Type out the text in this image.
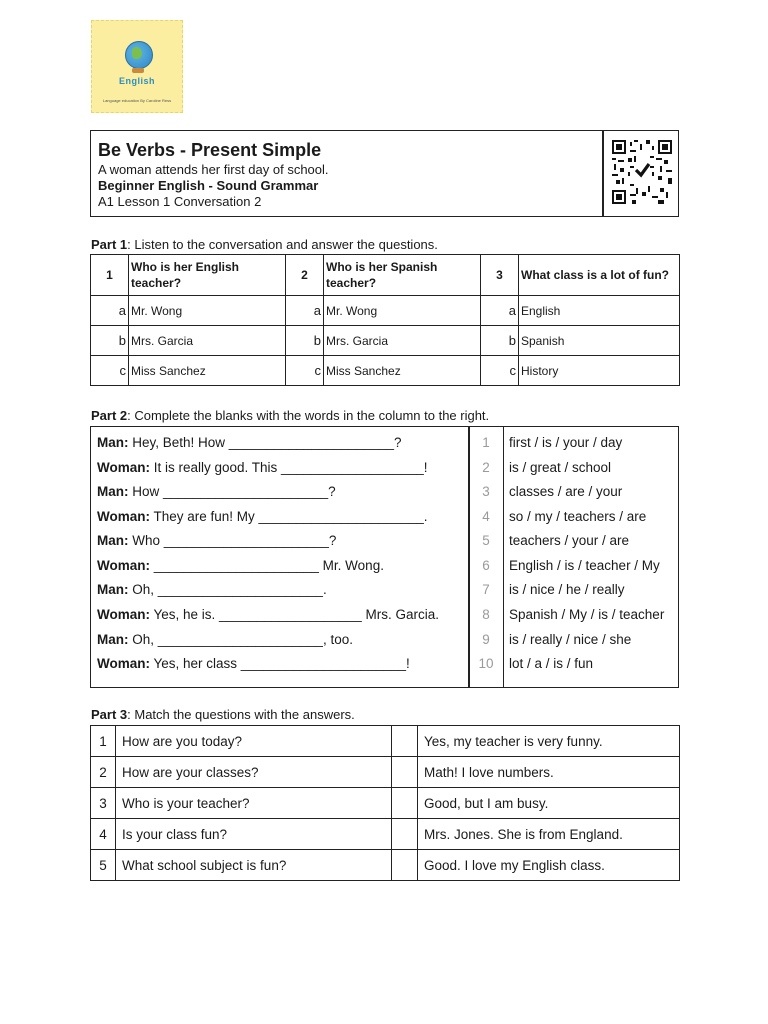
English
Language education By Caroline Ress
Be Verbs - Present Simple
A woman attends her first day of school.
Beginner English - Sound Grammar
A1 Lesson 1 Conversation 2
Part 1: Listen to the conversation and answer the questions.
1	Who is her English teacher?	2	Who is her Spanish teacher?	3	What class is a lot of fun?
a	Mr. Wong	a	Mr. Wong	a	English
b	Mrs. Garcia	b	Mrs. Garcia	b	Spanish
c	Miss Sanchez	c	Miss Sanchez	c	History
Part 2: Complete the blanks with the words in the column to the right.
Man: Hey, Beth! How ______________________?
Woman: It is really good. This ___________________!
Man: How ______________________?
Woman: They are fun! My ______________________.
Man: Who ______________________?
Woman: ______________________ Mr. Wong.
Man: Oh, ______________________.
Woman: Yes, he is. ___________________ Mrs. Garcia.
Man: Oh, ______________________, too.
Woman: Yes, her class ______________________!
1	first / is / your / day
2	is / great / school
3	classes / are / your
4	so / my / teachers / are
5	teachers / your / are
6	English / is / teacher / My
7	is / nice / he / really
8	Spanish / My / is / teacher
9	is / really / nice / she
10	lot / a / is / fun
Part 3: Match the questions with the answers.
1	How are you today?		Yes, my teacher is very funny.
2	How are your classes?		Math! I love numbers.
3	Who is your teacher?		Good, but I am busy.
4	Is your class fun?		Mrs. Jones. She is from England.
5	What school subject is fun?		Good. I love my English class.
